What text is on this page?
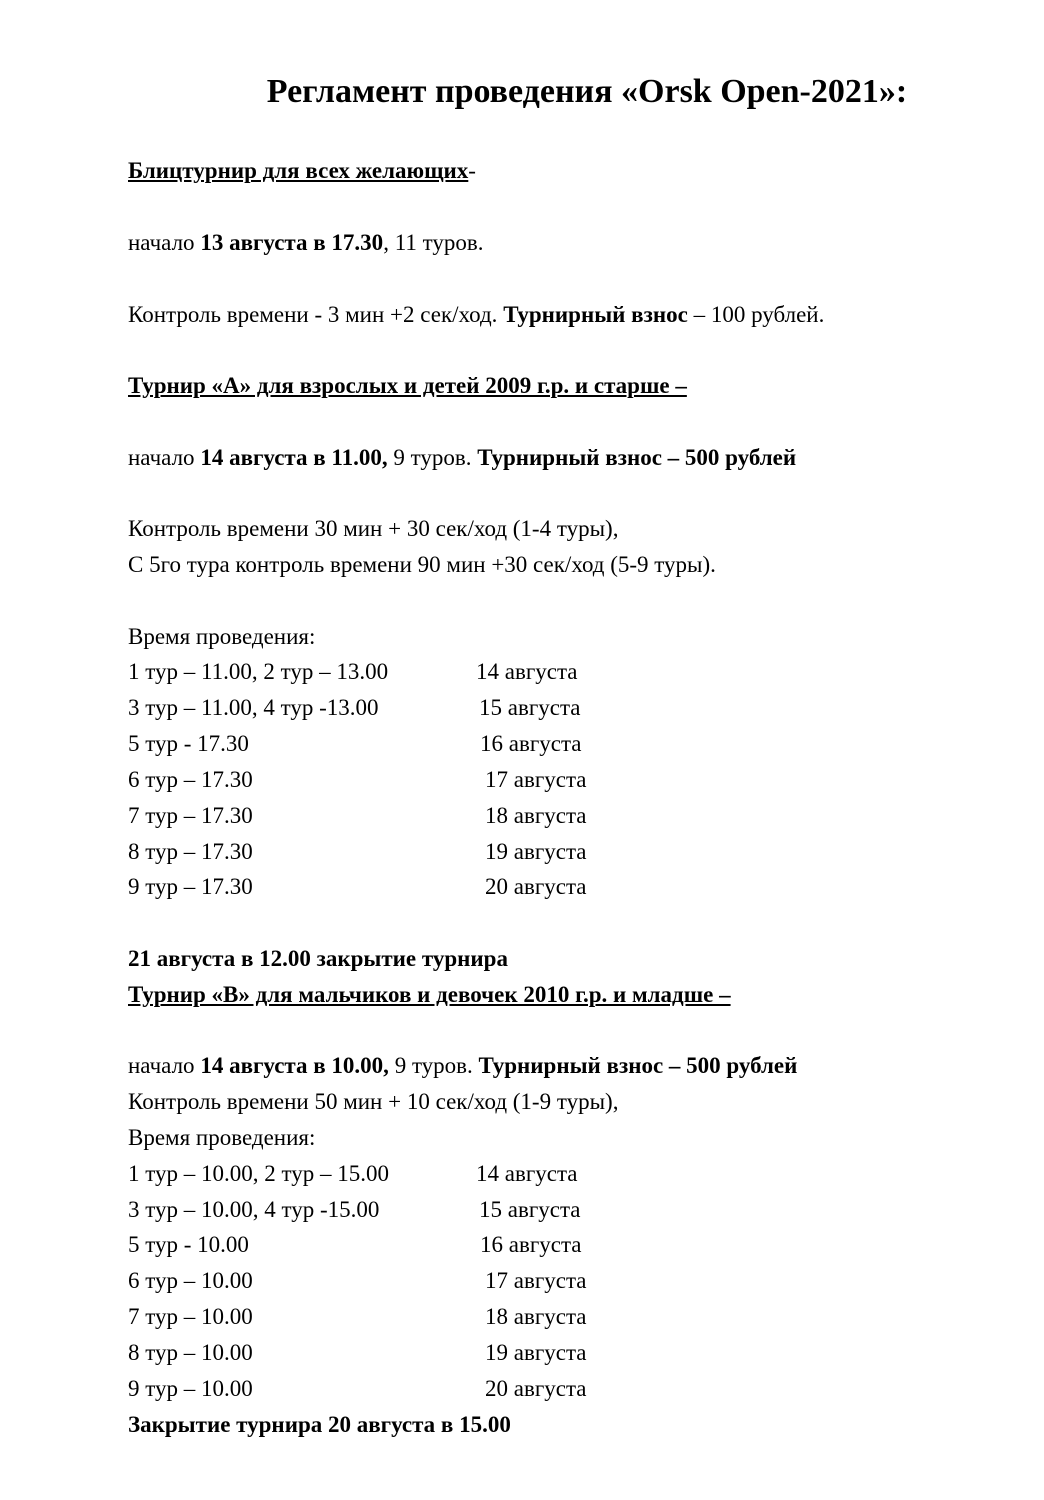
Регламент проведения «Orsk Open-2021»:
Блицтурнир для всех желающих-
начало 13 августа в 17.30, 11 туров.
Контроль времени - 3 мин +2 сек/ход. Турнирный взнос – 100 рублей.
Турнир «А» для взрослых и детей 2009 г.р. и старше –
начало 14 августа в 11.00, 9 туров. Турнирный взнос – 500 рублей
Контроль времени 30 мин + 30 сек/ход (1-4 туры),
С 5го тура контроль времени 90 мин +30 сек/ход (5-9 туры).
Время проведения:
1 тур – 11.00, 2 тур – 13.00	14 августа
3 тур – 11.00, 4 тур -13.00	15 августа
5 тур - 17.30	16 августа
6 тур – 17.30	17 августа
7 тур – 17.30	18 августа
8 тур – 17.30	19 августа
9 тур – 17.30	20 августа
21 августа в 12.00 закрытие турнира
Турнир «В» для мальчиков и девочек 2010 г.р. и младше –
начало 14 августа в 10.00, 9 туров. Турнирный взнос – 500 рублей
Контроль времени 50 мин + 10 сек/ход (1-9 туры),
Время проведения:
1 тур – 10.00, 2 тур – 15.00	14 августа
3 тур – 10.00, 4 тур -15.00	15 августа
5 тур - 10.00	16 августа
6 тур – 10.00	17 августа
7 тур – 10.00	18 августа
8 тур – 10.00	19 августа
9 тур – 10.00	20 августа
Закрытие турнира 20 августа в 15.00
